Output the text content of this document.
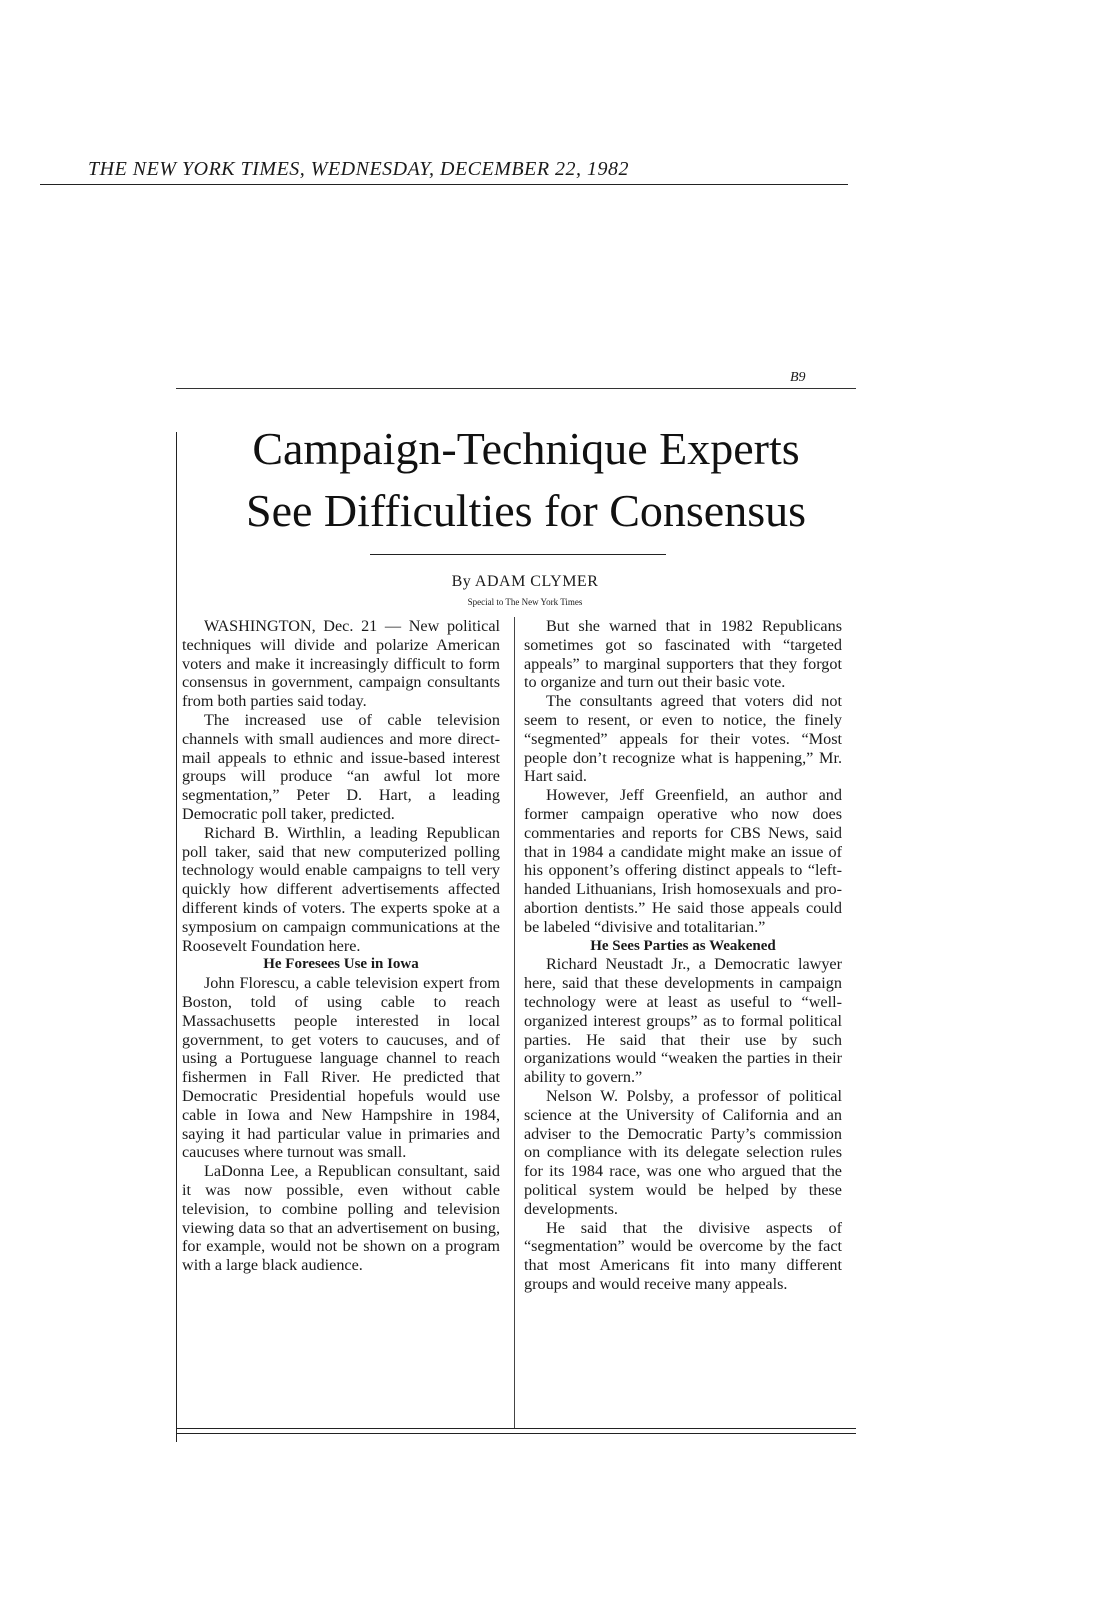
THE NEW YORK TIMES, WEDNESDAY, DECEMBER 22, 1982
B9
Campaign-Technique Experts
See Difficulties for Consensus
By ADAM CLYMER
Special to The New York Times

WASHINGTON, Dec. 21 — New political techniques will divide and polarize American voters and make it increasingly difficult to form consensus in government, campaign consultants from both parties said today.

The increased use of cable television channels with small audiences and more direct-mail appeals to ethnic and issue-based interest groups will produce “an awful lot more segmentation,” Peter D. Hart, a leading Democratic poll taker, predicted.

Richard B. Wirthlin, a leading Republican poll taker, said that new computerized polling technology would enable campaigns to tell very quickly how different advertisements affected different kinds of voters. The experts spoke at a symposium on campaign communications at the Roosevelt Foundation here.

He Foresees Use in Iowa

John Florescu, a cable television expert from Boston, told of using cable to reach Massachusetts people interested in local government, to get voters to caucuses, and of using a Portuguese language channel to reach fishermen in Fall River. He predicted that Democratic Presidential hopefuls would use cable in Iowa and New Hampshire in 1984, saying it had particular value in primaries and caucuses where turnout was small.

LaDonna Lee, a Republican consultant, said it was now possible, even without cable television, to combine polling and television viewing data so that an advertisement on busing, for example, would not be shown on a program with a large black audience.

But she warned that in 1982 Republicans sometimes got so fascinated with “targeted appeals” to marginal supporters that they forgot to organize and turn out their basic vote.

The consultants agreed that voters did not seem to resent, or even to notice, the finely “segmented” appeals for their votes. “Most people don’t recognize what is happening,” Mr. Hart said.

However, Jeff Greenfield, an author and former campaign operative who now does commentaries and reports for CBS News, said that in 1984 a candidate might make an issue of his opponent’s offering distinct appeals to “left-handed Lithuanians, Irish homosexuals and pro-abortion dentists.” He said those appeals could be labeled “divisive and totalitarian.”

He Sees Parties as Weakened

Richard Neustadt Jr., a Democratic lawyer here, said that these developments in campaign technology were at least as useful to “well-organized interest groups” as to formal political parties. He said that their use by such organizations would “weaken the parties in their ability to govern.”

Nelson W. Polsby, a professor of political science at the University of California and an adviser to the Democratic Party’s commission on compliance with its delegate selection rules for its 1984 race, was one who argued that the political system would be helped by these developments.

He said that the divisive aspects of “segmentation” would be overcome by the fact that most Americans fit into many different groups and would receive many appeals.
